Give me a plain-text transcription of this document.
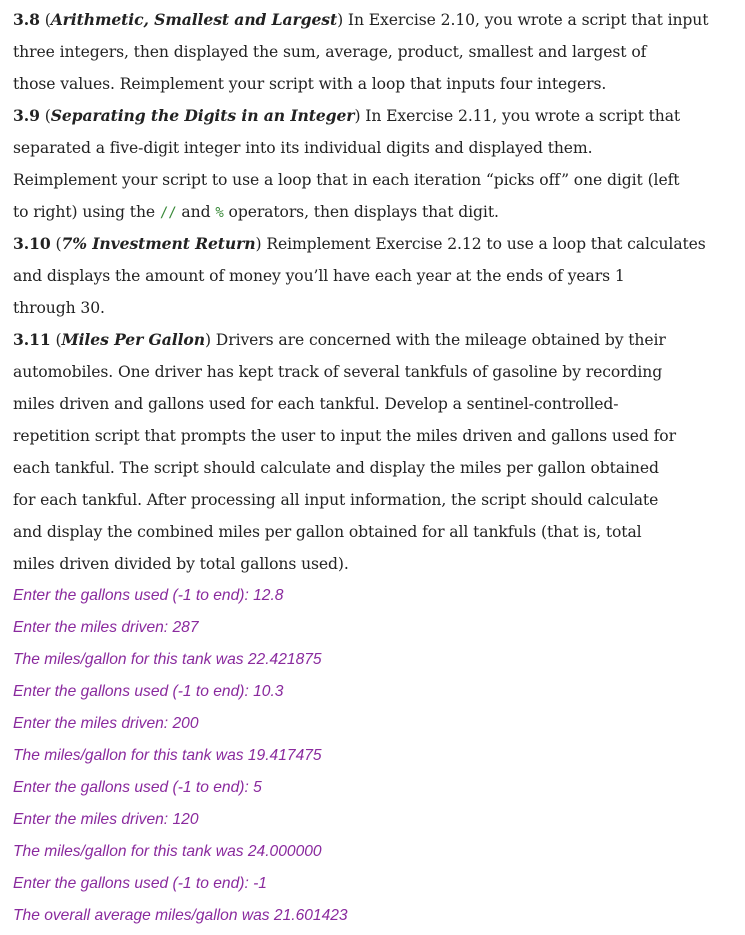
3.8 (Arithmetic, Smallest and Largest) In Exercise 2.10, you wrote a script that input
three integers, then displayed the sum, average, product, smallest and largest of
those values. Reimplement your script with a loop that inputs four integers.
3.9 (Separating the Digits in an Integer) In Exercise 2.11, you wrote a script that
separated a five-digit integer into its individual digits and displayed them.
Reimplement your script to use a loop that in each iteration “picks off” one digit (left
to right) using the // and % operators, then displays that digit.
3.10 (7% Investment Return) Reimplement Exercise 2.12 to use a loop that calculates
and displays the amount of money you’ll have each year at the ends of years 1
through 30.
3.11 (Miles Per Gallon) Drivers are concerned with the mileage obtained by their
automobiles. One driver has kept track of several tankfuls of gasoline by recording
miles driven and gallons used for each tankful. Develop a sentinel-controlled-
repetition script that prompts the user to input the miles driven and gallons used for
each tankful. The script should calculate and display the miles per gallon obtained
for each tankful. After processing all input information, the script should calculate
and display the combined miles per gallon obtained for all tankfuls (that is, total
miles driven divided by total gallons used).
Enter the gallons used (-1 to end): 12.8
Enter the miles driven: 287
The miles/gallon for this tank was 22.421875
Enter the gallons used (-1 to end): 10.3
Enter the miles driven: 200
The miles/gallon for this tank was 19.417475
Enter the gallons used (-1 to end): 5
Enter the miles driven: 120
The miles/gallon for this tank was 24.000000
Enter the gallons used (-1 to end): -1
The overall average miles/gallon was 21.601423
